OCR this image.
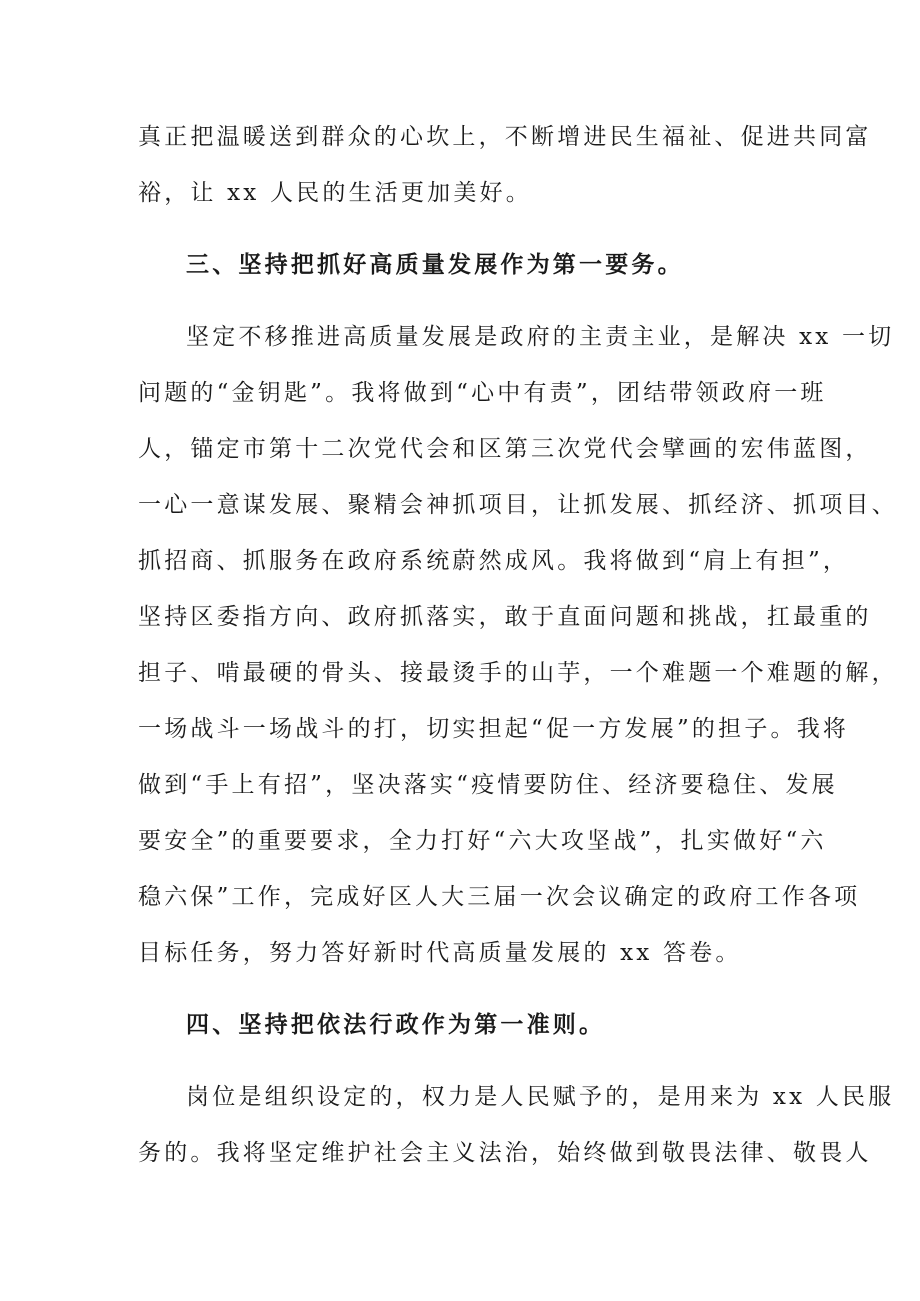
真正把温暖送到群众的心坎上，不断增进民生福祉、促进共同富
裕，让 xx 人民的生活更加美好。
三、坚持把抓好高质量发展作为第一要务。
坚定不移推进高质量发展是政府的主责主业，是解决 xx 一切
问题的“金钥匙”。我将做到“心中有责”，团结带领政府一班
人，锚定市第十二次党代会和区第三次党代会擘画的宏伟蓝图，
一心一意谋发展、聚精会神抓项目，让抓发展、抓经济、抓项目、
抓招商、抓服务在政府系统蔚然成风。我将做到“肩上有担”，
坚持区委指方向、政府抓落实，敢于直面问题和挑战，扛最重的
担子、啃最硬的骨头、接最烫手的山芋，一个难题一个难题的解，
一场战斗一场战斗的打，切实担起“促一方发展”的担子。我将
做到“手上有招”，坚决落实“疫情要防住、经济要稳住、发展
要安全”的重要要求，全力打好“六大攻坚战”，扎实做好“六
稳六保”工作，完成好区人大三届一次会议确定的政府工作各项
目标任务，努力答好新时代高质量发展的 xx 答卷。
四、坚持把依法行政作为第一准则。
岗位是组织设定的，权力是人民赋予的，是用来为 xx 人民服
务的。我将坚定维护社会主义法治，始终做到敬畏法律、敬畏人
